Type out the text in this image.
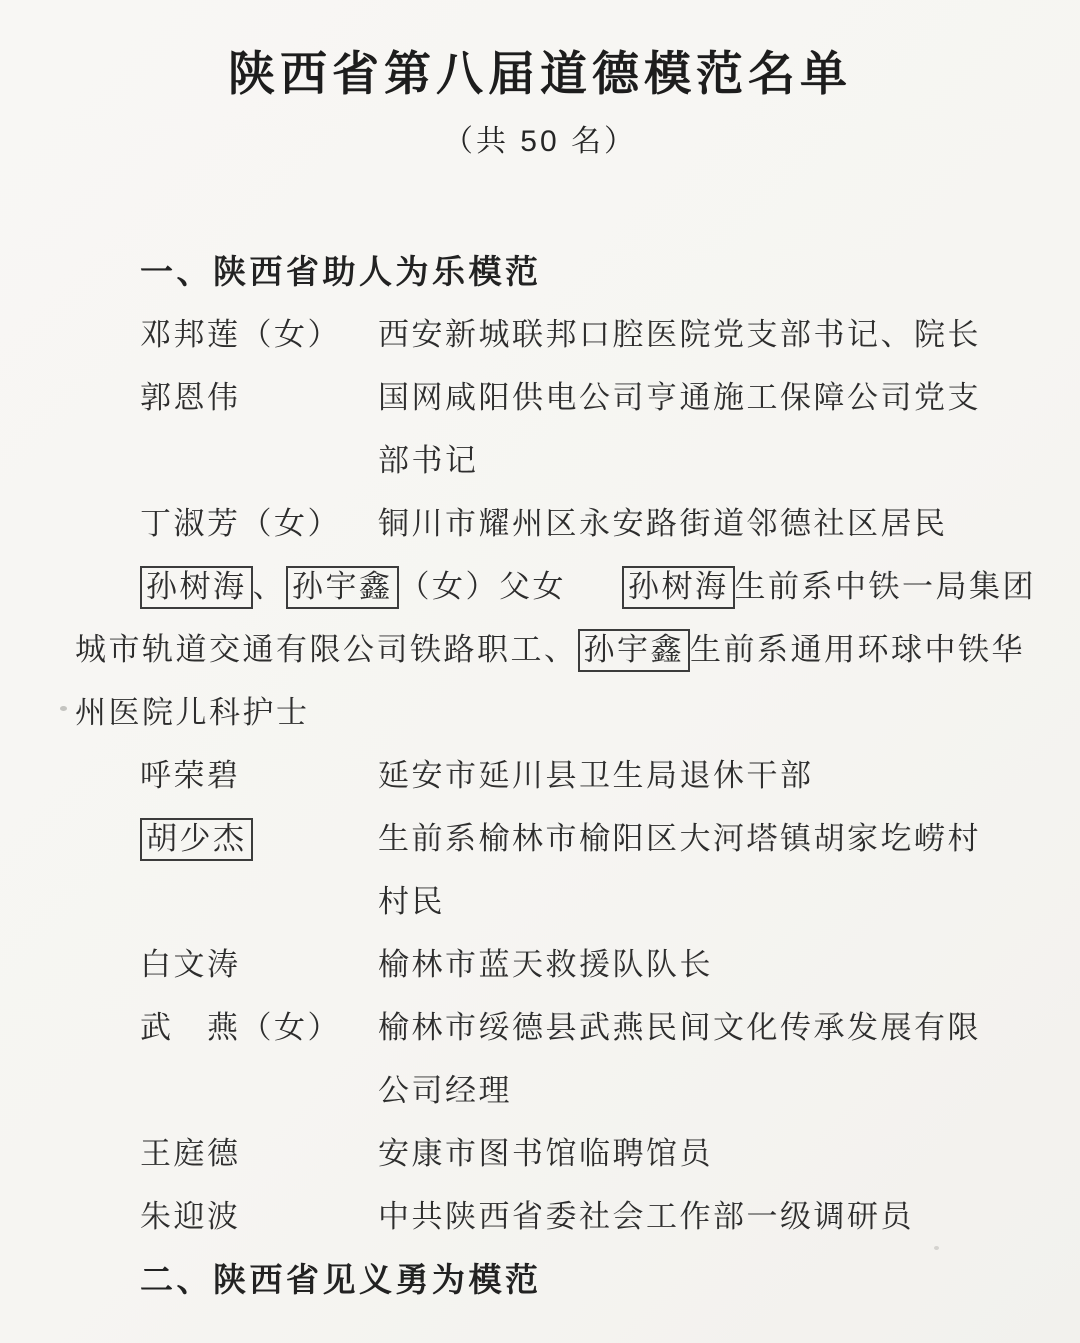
陕西省第八届道德模范名单
（共 50 名）
一、陕西省助人为乐模范
邓邦莲（女）	西安新城联邦口腔医院党支部书记、院长
郭恩伟	国网咸阳供电公司亨通施工保障公司党支
部书记
丁淑芳（女）	铜川市耀州区永安路街道邻德社区居民
孙树海 、 孙宇鑫 （女）父女 孙树海 生前系中铁一局集团
城市轨道交通有限公司铁路职工、 孙宇鑫 生前系通用环球中铁华
州医院儿科护士
呼荣碧	延安市延川县卫生局退休干部
胡少杰	生前系榆林市榆阳区大河塔镇胡家圪崂村
村民
白文涛	榆林市蓝天救援队队长
武　燕（女）	榆林市绥德县武燕民间文化传承发展有限
公司经理
王庭德	安康市图书馆临聘馆员
朱迎波	中共陕西省委社会工作部一级调研员
二、陕西省见义勇为模范
